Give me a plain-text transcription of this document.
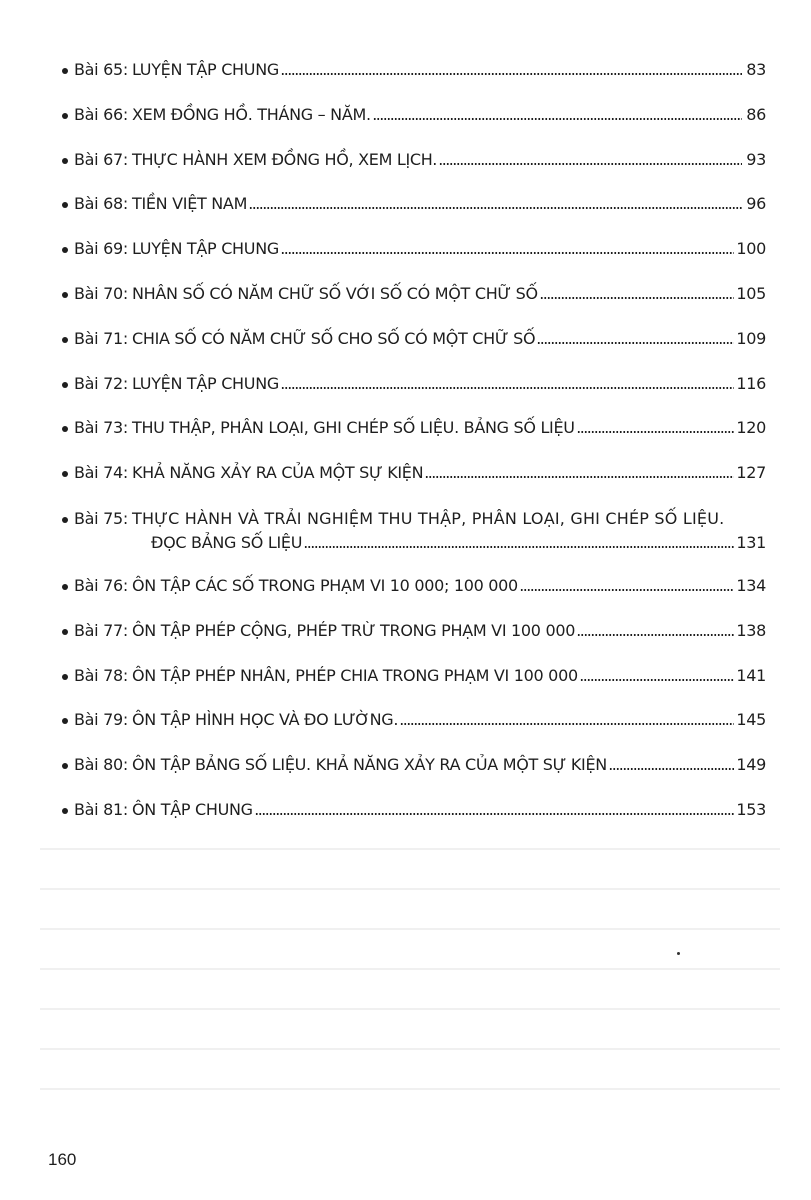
Bài 65: LUYỆN TẬP CHUNG	83
Bài 66: XEM ĐỒNG HỒ. THÁNG – NĂM.	86
Bài 67: THỰC HÀNH XEM ĐỒNG HỒ, XEM LỊCH.	93
Bài 68: TIỀN VIỆT NAM	96
Bài 69: LUYỆN TẬP CHUNG	100
Bài 70: NHÂN SỐ CÓ NĂM CHỮ SỐ VỚI SỐ CÓ MỘT CHỮ SỐ	105
Bài 71: CHIA SỐ CÓ NĂM CHỮ SỐ CHO SỐ CÓ MỘT CHỮ SỐ	109
Bài 72: LUYỆN TẬP CHUNG	116
Bài 73: THU THẬP, PHÂN LOẠI, GHI CHÉP SỐ LIỆU. BẢNG SỐ LIỆU	120
Bài 74: KHẢ NĂNG XẢY RA CỦA MỘT SỰ KIỆN	127
Bài 75: THỰC HÀNH VÀ TRẢI NGHIỆM THU THẬP, PHÂN LOẠI, GHI CHÉP SỐ LIỆU.
ĐỌC BẢNG SỐ LIỆU	131
Bài 76: ÔN TẬP CÁC SỐ TRONG PHẠM VI 10 000; 100 000	134
Bài 77: ÔN TẬP PHÉP CỘNG, PHÉP TRỪ TRONG PHẠM VI 100 000	138
Bài 78: ÔN TẬP PHÉP NHÂN, PHÉP CHIA TRONG PHẠM VI 100 000	141
Bài 79: ÔN TẬP HÌNH HỌC VÀ ĐO LƯỜNG.	145
Bài 80: ÔN TẬP BẢNG SỐ LIỆU. KHẢ NĂNG XẢY RA CỦA MỘT SỰ KIỆN	149
Bài 81: ÔN TẬP CHUNG	153
160
